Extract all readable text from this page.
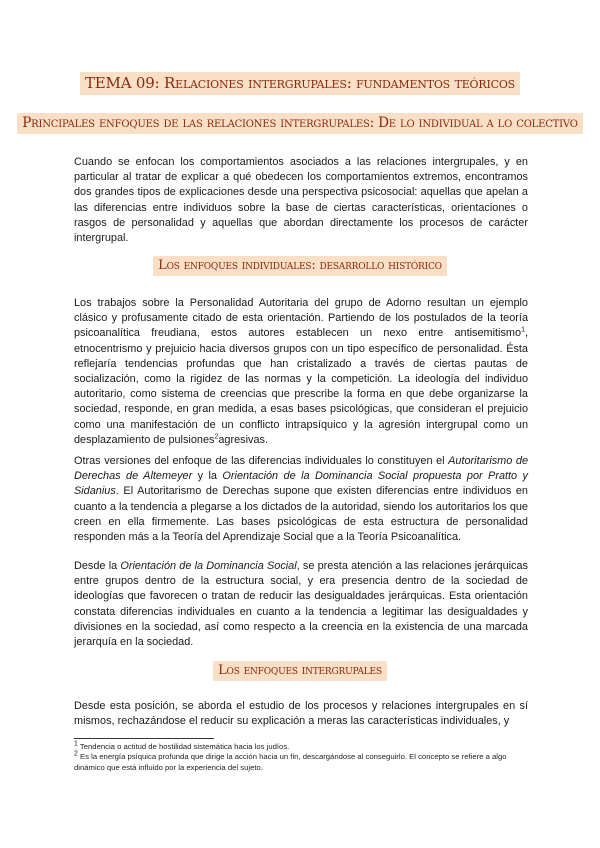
TEMA 09: Relaciones intergrupales: fundamentos teóricos
Principales enfoques de las relaciones intergrupales: De lo individual a lo colectivo

Cuando se enfocan los comportamientos asociados a las relaciones intergrupales, y en particular al tratar de explicar a qué obedecen los comportamientos extremos, encontramos dos grandes tipos de explicaciones desde una perspectiva psicosocial: aquellas que apelan a las diferencias entre individuos sobre la base de ciertas características, orientaciones o rasgos de personalidad y aquellas que abordan directamente los procesos de carácter intergrupal.

Los enfoques individuales: desarrollo histórico

Los trabajos sobre la Personalidad Autoritaria del grupo de Adorno resultan un ejemplo clásico y profusamente citado de esta orientación. Partiendo de los postulados de la teoría psicoanalítica freudiana, estos autores establecen un nexo entre antisemitismo$^1$, etnocentrismo y prejuicio hacia diversos grupos con un tipo específico de personalidad. Ésta reflejaría tendencias profundas que han cristalizado a través de ciertas pautas de socialización, como la rigidez de las normas y la competición. La ideología del individuo autoritario, como sistema de creencias que prescribe la forma en que debe organizarse la sociedad, responde, en gran medida, a esas bases psicológicas, que consideran el prejuicio como una manifestación de un conflicto intrapsíquico y la agresión intergrupal como un desplazamiento de pulsiones$^2$agresivas.

Otras versiones del enfoque de las diferencias individuales lo constituyen el Autoritarismo de Derechas de Altemeyer y la Orientación de la Dominancia Social propuesta por Pratto y Sidanius. El Autoritarismo de Derechas supone que existen diferencias entre individuos en cuanto a la tendencia a plegarse a los dictados de la autoridad, siendo los autoritarios los que creen en ella firmemente. Las bases psicológicas de esta estructura de personalidad responden más a la Teoría del Aprendizaje Social que a la Teoría Psicoanalítica.

Desde la Orientación de la Dominancia Social, se presta atención a las relaciones jerárquicas entre grupos dentro de la estructura social, y era presencia dentro de la sociedad de ideologías que favorecen o tratan de reducir las desigualdades jerárquicas. Esta orientación constata diferencias individuales en cuanto a la tendencia a legitimar las desigualdades y divisiones en la sociedad, así como respecto a la creencia en la existencia de una marcada jerarquía en la sociedad.

Los enfoques intergrupales

Desde esta posición, se aborda el estudio de los procesos y relaciones intergrupales en sí mismos, rechazándose el reducir su explicación a meras las características individuales, y

$^1$ Tendencia o actitud de hostilidad sistemática hacia los judíos.

$^2$ Es la energía psíquica profunda que dirige la acción hacia un fin, descargándose al conseguirlo. El concepto se refiere a algo dinámico que está influido por la experiencia del sujeto.
